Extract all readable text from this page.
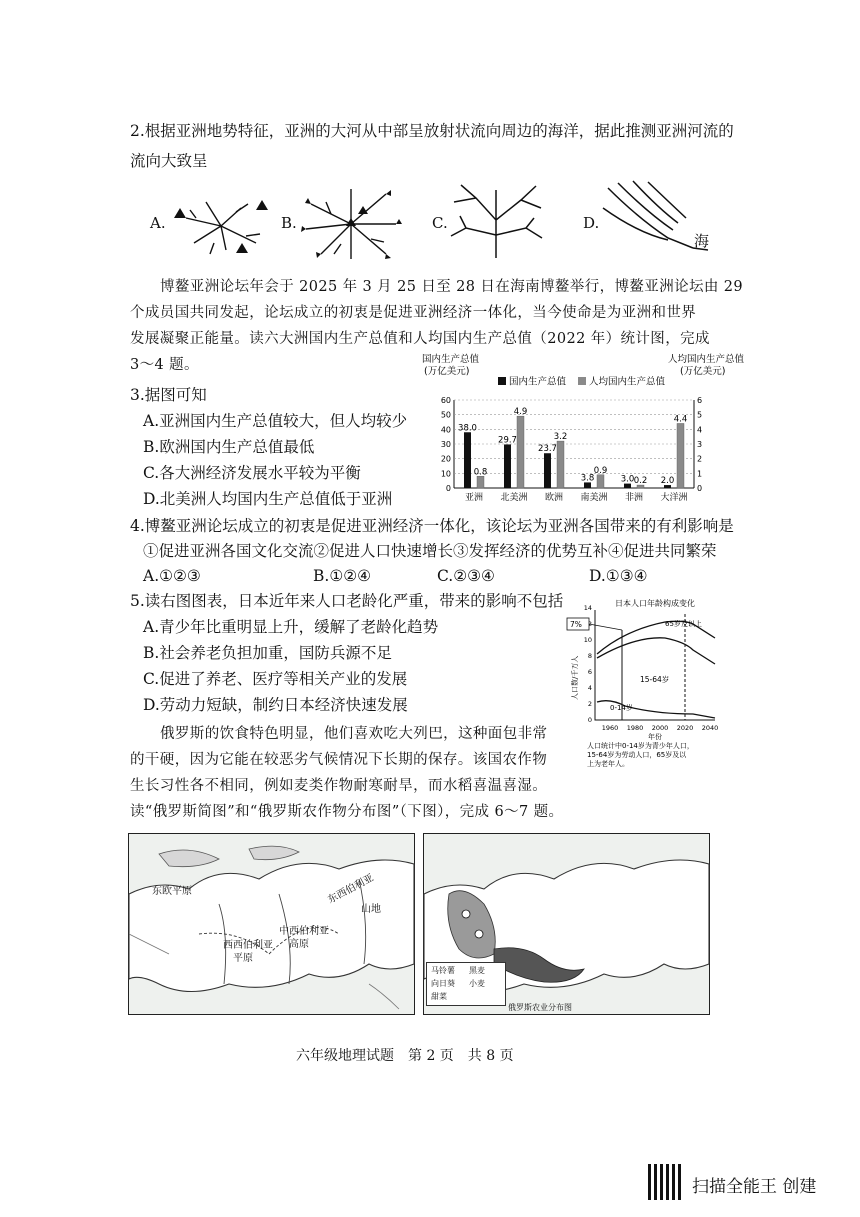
2.根据亚洲地势特征，亚洲的大河从中部呈放射状流向周边的海洋，据此推测亚洲河流的
流向大致呈
A.	B.	C.	D.
海
博鳌亚洲论坛年会于 2025 年 3 月 25 日至 28 日在海南博鳌举行，博鳌亚洲论坛由 29
个成员国共同发起，论坛成立的初衷是促进亚洲经济一体化，当今使命是为亚洲和世界
发展凝聚正能量。读六大洲国内生产总值和人均国内生产总值（2022 年）统计图，完成
3～4 题。
3.据图可知
A.亚洲国内生产总值较大，但人均较少
B.欧洲国内生产总值最低
C.各大洲经济发展水平较为平衡
D.北美洲人均国内生产总值低于亚洲
国内生产总值
(万亿美元)
人均国内生产总值
(万亿美元)
国内生产总值 人均国内生产总值
0	0
10	1
20	2
30	3
40	4
50	5
60	6
38.0
0.8
亚洲
29.7
4.9
北美洲
23.7
3.2
欧洲
3.8
0.9
南美洲
3.0 0.2
非洲
2.0
4.4
大洋洲
4.博鳌亚洲论坛成立的初衷是促进亚洲经济一体化，该论坛为亚洲各国带来的有利影响是
①促进亚洲各国文化交流②促进人口快速增长③发挥经济的优势互补④促进共同繁荣
A.①②③	B.①②④	C.②③④	D.①③④
5.读右图图表，日本近年来人口老龄化严重，带来的影响不包括
A.青少年比重明显上升，缓解了老龄化趋势
B.社会养老负担加重，国防兵源不足
C.促进了养老、医疗等相关产业的发展
D.劳动力短缺，制约日本经济快速发展
日本人口年龄构成变化
0
2
4
6
8
10
14
1960 1980 2000 2020 2040
年份
人口数/千万人
7%	65岁及以上
15-64岁
0-14岁
人口统计中0-14岁为青少年人口，
15-64岁为劳动人口，65岁及以
上为老年人。
俄罗斯的饮食特色明显，他们喜欢吃大列巴，这种面包非常
的干硬，因为它能在较恶劣气候情况下长期的保存。该国农作物
生长习性各不相同，例如麦类作物耐寒耐旱，而水稻喜温喜湿。
读“俄罗斯简图”和“俄罗斯农作物分布图”（下图），完成 6～7 题。
东欧平原
西西伯利亚
平原
中西伯利亚
高原
东西伯利亚
山地
马铃薯 黑麦
向日葵 小麦
甜菜
俄罗斯农业分布图
六年级地理试题　第 2 页　共 8 页
扫描全能王 创建
